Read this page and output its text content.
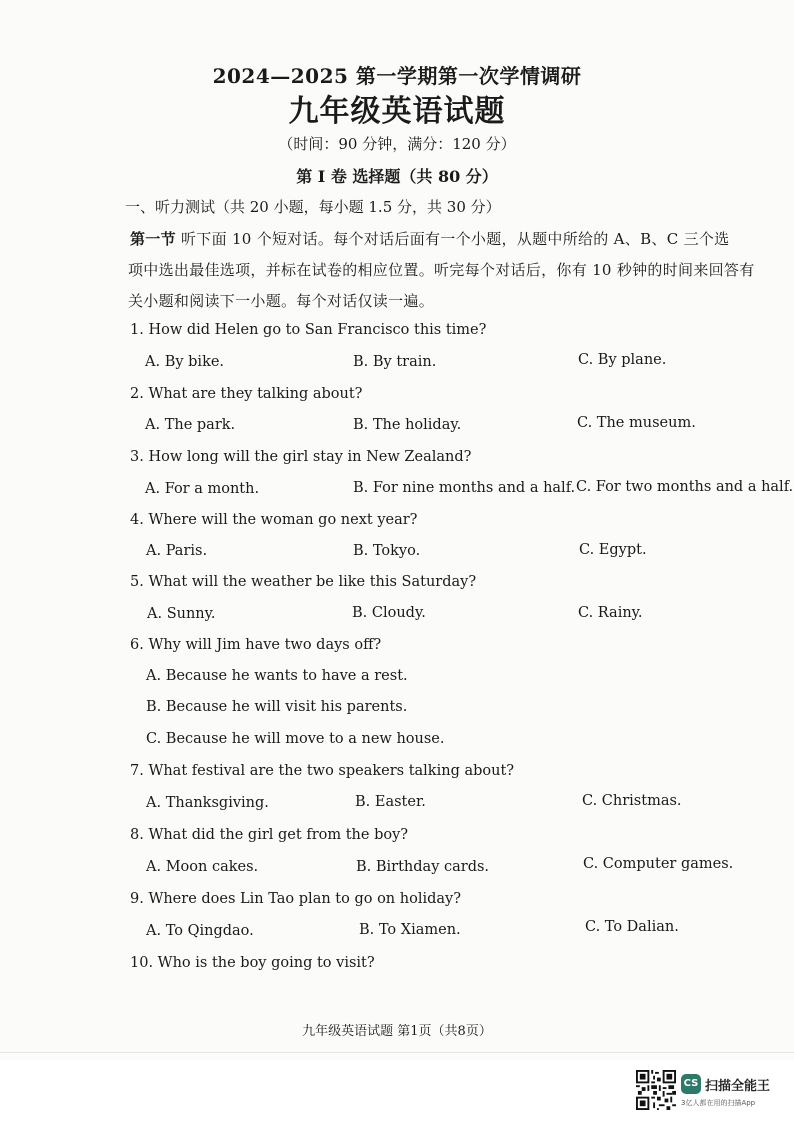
2024—2025 第一学期第一次学情调研
九年级英语试题
（时间：90 分钟，满分：120 分）
第 I 卷 选择题（共 80 分）
一、听力测试（共 20 小题，每小题 1.5 分，共 30 分）
第一节 听下面 10 个短对话。每个对话后面有一个小题，从题中所给的 A、B、C 三个选
项中选出最佳选项，并标在试卷的相应位置。听完每个对话后，你有 10 秒钟的时间来回答有
关小题和阅读下一小题。每个对话仅读一遍。
1. How did Helen go to San Francisco this time?
A. By bike.	B. By train.	C. By plane.
2. What are they talking about?
A. The park.	B. The holiday.	C. The museum.
3. How long will the girl stay in New Zealand?
A. For a month.	B. For nine months and a half. C. For two months and a half.
4. Where will the woman go next year?
A. Paris.	B. Tokyo.	C. Egypt.
5. What will the weather be like this Saturday?
A. Sunny.	B. Cloudy.	C. Rainy.
6. Why will Jim have two days off?
A. Because he wants to have a rest.
B. Because he will visit his parents.
C. Because he will move to a new house.
7. What festival are the two speakers talking about?
A. Thanksgiving.	B. Easter.	C. Christmas.
8. What did the girl get from the boy?
A. Moon cakes.	B. Birthday cards.	C. Computer games.
9. Where does Lin Tao plan to go on holiday?
A. To Qingdao.	B. To Xiamen.	C. To Dalian.
10. Who is the boy going to visit?
九年级英语试题 第1页（共8页）
CS 扫描全能王
3亿人都在用的扫描App
